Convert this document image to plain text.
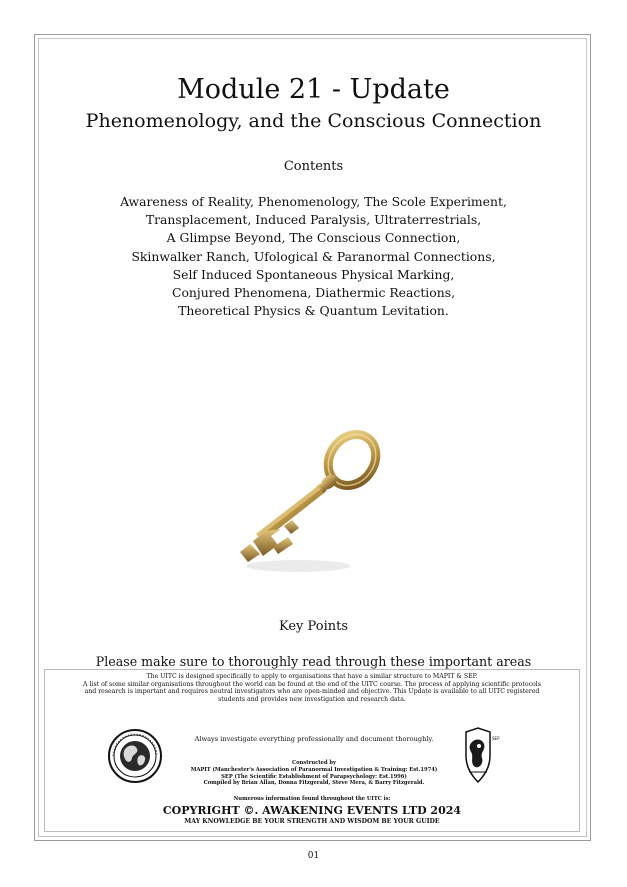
Module 21 - Update
Phenomenology, and the Conscious Connection
Contents
Awareness of Reality, Phenomenology, The Scole Experiment,
Transplacement, Induced Paralysis, Ultraterrestrials,
A Glimpse Beyond, The Conscious Connection,
Skinwalker Ranch, Ufological & Paranormal Connections,
Self Induced Spontaneous Physical Marking,
Conjured Phenomena, Diathermic Reactions,
Theoretical Physics & Quantum Levitation.
Key Points
Please make sure to thoroughly read through these important areas
The UITC is designed specifically to apply to organisations that have a similar structure to MAPIT & SEP.
A list of some similar organisations throughout the world can be found at the end of the UITC course. The process of applying scientific protocols
and research is important and requires neutral investigators who are open-minded and objective. This Update is available to all UITC registered
students and provides new investigation and research data.
Always investigate everything professionally and document thoroughly.
Constructed by
MAPIT (Manchester's Association of Paranormal Investigation & Training: Est.1974)
SEP (The Scientific Establishment of Parapsychology: Est.1996)
Compiled by Brian Allan, Donna Fitzgerald, Steve Mera, & Barry Fitzgerald.
SEP
Numerous information found throughout the UITC is:
COPYRIGHT ©. AWAKENING EVENTS LTD 2024
MAY KNOWLEDGE BE YOUR STRENGTH AND WISDOM BE YOUR GUIDE
01
